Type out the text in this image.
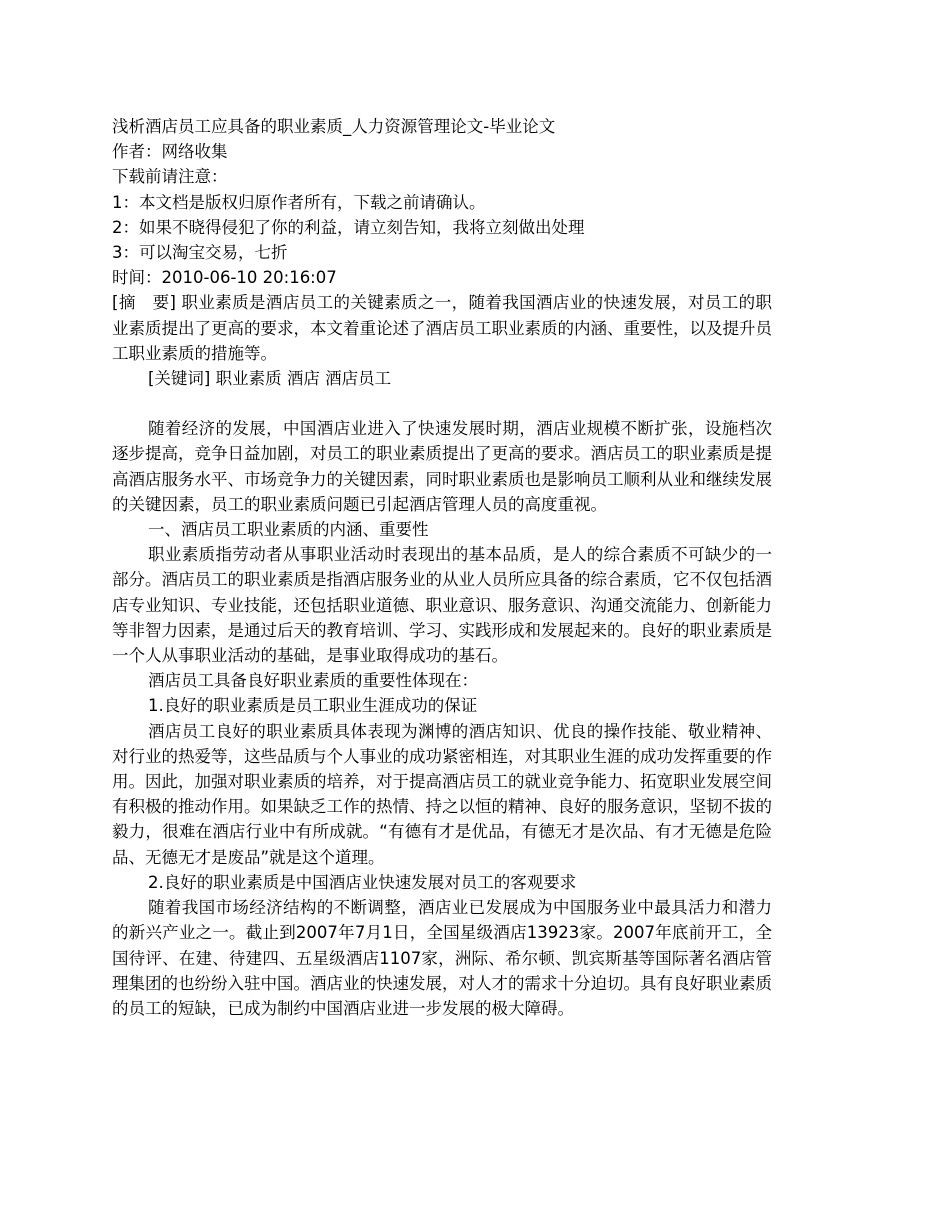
浅析酒店员工应具备的职业素质_人力资源管理论文-毕业论文

作者：网络收集

下载前请注意：

1：本文档是版权归原作者所有，下载之前请确认。

2：如果不晓得侵犯了你的利益，请立刻告知，我将立刻做出处理

3：可以淘宝交易，七折

时间：2010-06-10 20:16:07

[摘　要] 职业素质是酒店员工的关键素质之一，随着我国酒店业的快速发展，对员工的职业素质提出了更高的要求，本文着重论述了酒店员工职业素质的内涵、重要性，以及提升员工职业素质的措施等。

[关键词] 职业素质 酒店 酒店员工

随着经济的发展，中国酒店业进入了快速发展时期，酒店业规模不断扩张，设施档次逐步提高，竞争日益加剧，对员工的职业素质提出了更高的要求。酒店员工的职业素质是提高酒店服务水平、市场竞争力的关键因素，同时职业素质也是影响员工顺利从业和继续发展的关键因素，员工的职业素质问题已引起酒店管理人员的高度重视。

一、酒店员工职业素质的内涵、重要性

职业素质指劳动者从事职业活动时表现出的基本品质，是人的综合素质不可缺少的一部分。酒店员工的职业素质是指酒店服务业的从业人员所应具备的综合素质，它不仅包括酒店专业知识、专业技能，还包括职业道德、职业意识、服务意识、沟通交流能力、创新能力等非智力因素，是通过后天的教育培训、学习、实践形成和发展起来的。良好的职业素质是一个人从事职业活动的基础，是事业取得成功的基石。

酒店员工具备良好职业素质的重要性体现在：

1.良好的职业素质是员工职业生涯成功的保证

酒店员工良好的职业素质具体表现为渊博的酒店知识、优良的操作技能、敬业精神、对行业的热爱等，这些品质与个人事业的成功紧密相连，对其职业生涯的成功发挥重要的作用。因此，加强对职业素质的培养，对于提高酒店员工的就业竞争能力、拓宽职业发展空间有积极的推动作用。如果缺乏工作的热情、持之以恒的精神、良好的服务意识，坚韧不拔的毅力，很难在酒店行业中有所成就。“有德有才是优品，有德无才是次品、有才无德是危险品、无德无才是废品”就是这个道理。

2.良好的职业素质是中国酒店业快速发展对员工的客观要求

随着我国市场经济结构的不断调整，酒店业已发展成为中国服务业中最具活力和潜力的新兴产业之一。截止到2007年7月1日，全国星级酒店13923家。2007年底前开工，全国待评、在建、待建四、五星级酒店1107家，洲际、希尔顿、凯宾斯基等国际著名酒店管理集团的也纷纷入驻中国。酒店业的快速发展，对人才的需求十分迫切。具有良好职业素质的员工的短缺，已成为制约中国酒店业进一步发展的极大障碍。
